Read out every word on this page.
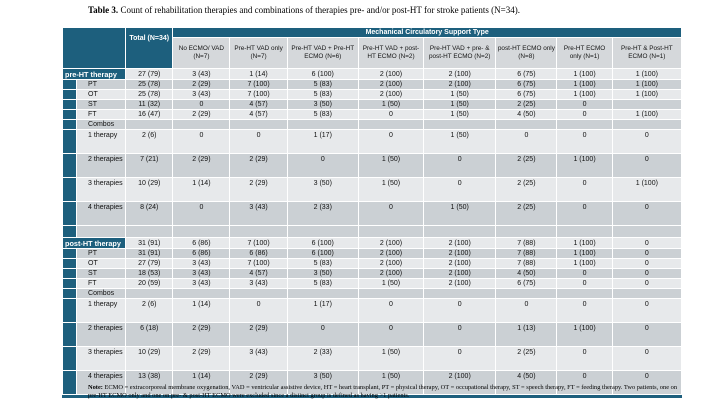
Table 3. Count of rehabilitation therapies and combinations of therapies pre- and/or post-HT for stroke patients (N=34).
		Total (N=34)	Mechanical Circulatory Support Type							
			No ECMO/ VAD (N=7)	Pre-HT VAD only (N=7)	Pre-HT VAD + Pre-HT ECMO (N=6)	Pre-HT VAD + post-HT ECMO (N=2)	Pre-HT VAD + pre- & post-HT ECMO (N=2)	post-HT ECMO only (N=8)	Pre-HT ECMO only (N=1)	Pre-HT & Post-HT ECMO (N=1)
pre-HT therapy		27 (79)	3 (43)	1 (14)	6 (100)	2 (100)	2 (100)	6 (75)	1 (100)	1 (100)
	PT	25 (78)	2 (29)	7 (100)	5 (83)	2 (100)	2 (100)	6 (75)	1 (100)	1 (100)
	OT	25 (78)	3 (43)	7 (100)	5 (83)	2 (100)	1 (50)	6 (75)	1 (100)	1 (100)
	ST	11 (32)	0	4 (57)	3 (50)	1 (50)	1 (50)	2 (25)	0	
	FT	16 (47)	2 (29)	4 (57)	5 (83)	0	1 (50)	4 (50)	0	1 (100)
	Combos									
	1 therapy	2 (6)	0	0	1 (17)	0	1 (50)	0	0	0
	2 therapies	7 (21)	2 (29)	2 (29)	0	1 (50)	0	2 (25)	1 (100)	0
	3 therapies	10 (29)	1 (14)	2 (29)	3 (50)	1 (50)	0	2 (25)	0	1 (100)
	4 therapies	8 (24)	0	3 (43)	2 (33)	0	1 (50)	2 (25)	0	0

post-HT therapy		31 (91)	6 (86)	7 (100)	6 (100)	2 (100)	2 (100)	7 (88)	1 (100)	0
	PT	31 (91)	6 (86)	6 (86)	6 (100)	2 (100)	2 (100)	7 (88)	1 (100)	0
	OT	27 (79)	3 (43)	7 (100)	5 (83)	2 (100)	2 (100)	7 (88)	1 (100)	0
	ST	18 (53)	3 (43)	4 (57)	3 (50)	2 (100)	2 (100)	4 (50)	0	0
	FT	20 (59)	3 (43)	3 (43)	5 (83)	1 (50)	2 (100)	6 (75)	0	0
	Combos									
	1 therapy	2 (6)	1 (14)	0	1 (17)	0	0	0	0	0
	2 therapies	6 (18)	2 (29)	2 (29)	0	0	0	1 (13)	1 (100)	0
	3 therapies	10 (29)	2 (29)	3 (43)	2 (33)	1 (50)	0	2 (25)	0	0
	4 therapies	13 (38)	1 (14)	2 (29)	3 (50)	1 (50)	2 (100)	4 (50)	0	0
Note: ECMO = extracorporeal membrane oxygenation, VAD = ventricular assistive device, HT = heart transplant, PT = physical therapy, OT = occupational therapy, ST = speech therapy, FT = feeding therapy. Two patients, one on pre-HT ECMO only and one on pre- & post-HT ECMO were excluded since a distinct group is defined as having >1 patients.
